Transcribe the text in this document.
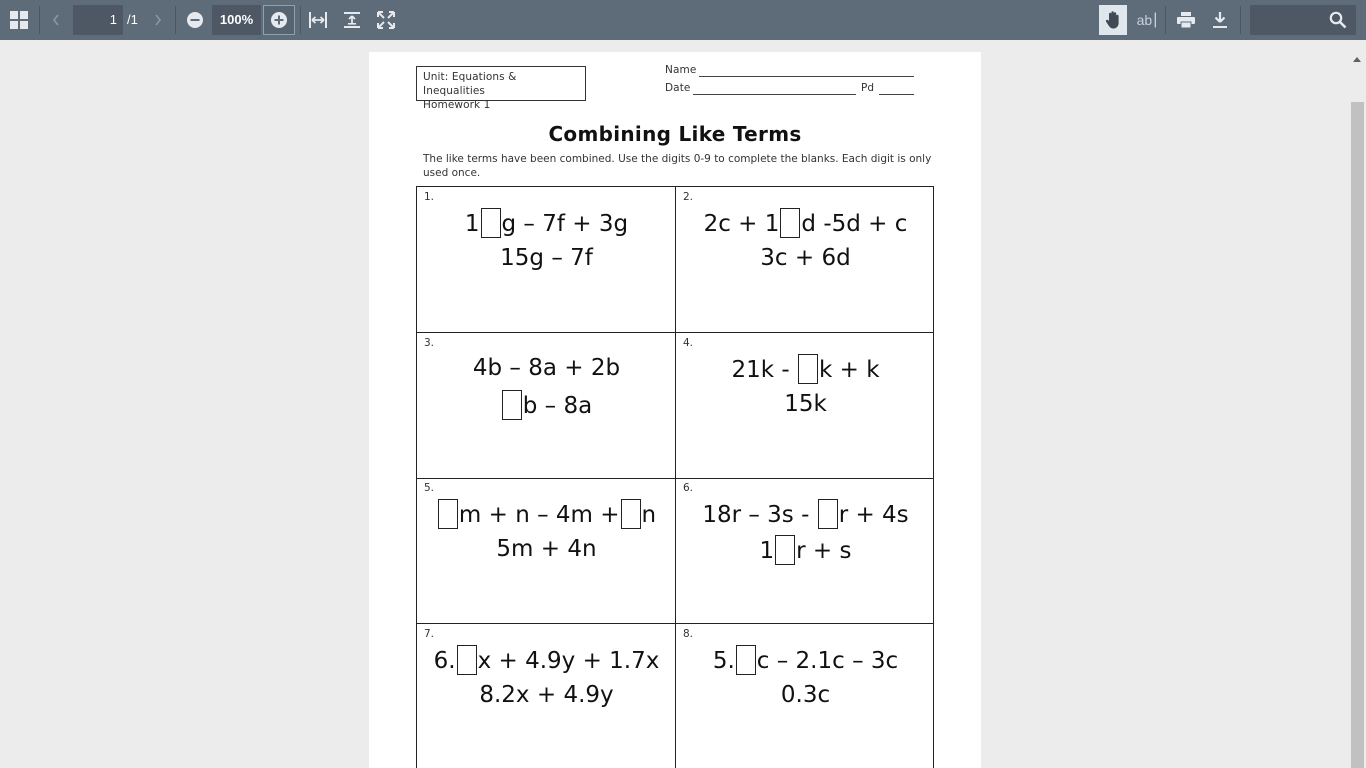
1 /1	100%	ab |
Unit: Equations & Inequalities
Homework 1
Name
Date	Pd
Combining Like Terms
The like terms have been combined. Use the digits 0-9 to complete the blanks. Each digit is only used once.
1.
1 g – 7f + 3g
15g – 7f
2.
2c + 1 d -5d + c
3c + 6d
3.
4b – 8a + 2b
b – 8a
4.
21k - k + k
15k
5.
m + n – 4m + n
5m + 4n
6.
18r – 3s - r + 4s
1 r + s
7.
6. x + 4.9y + 1.7x
8.2x + 4.9y
8.
5. c – 2.1c – 3c
0.3c
